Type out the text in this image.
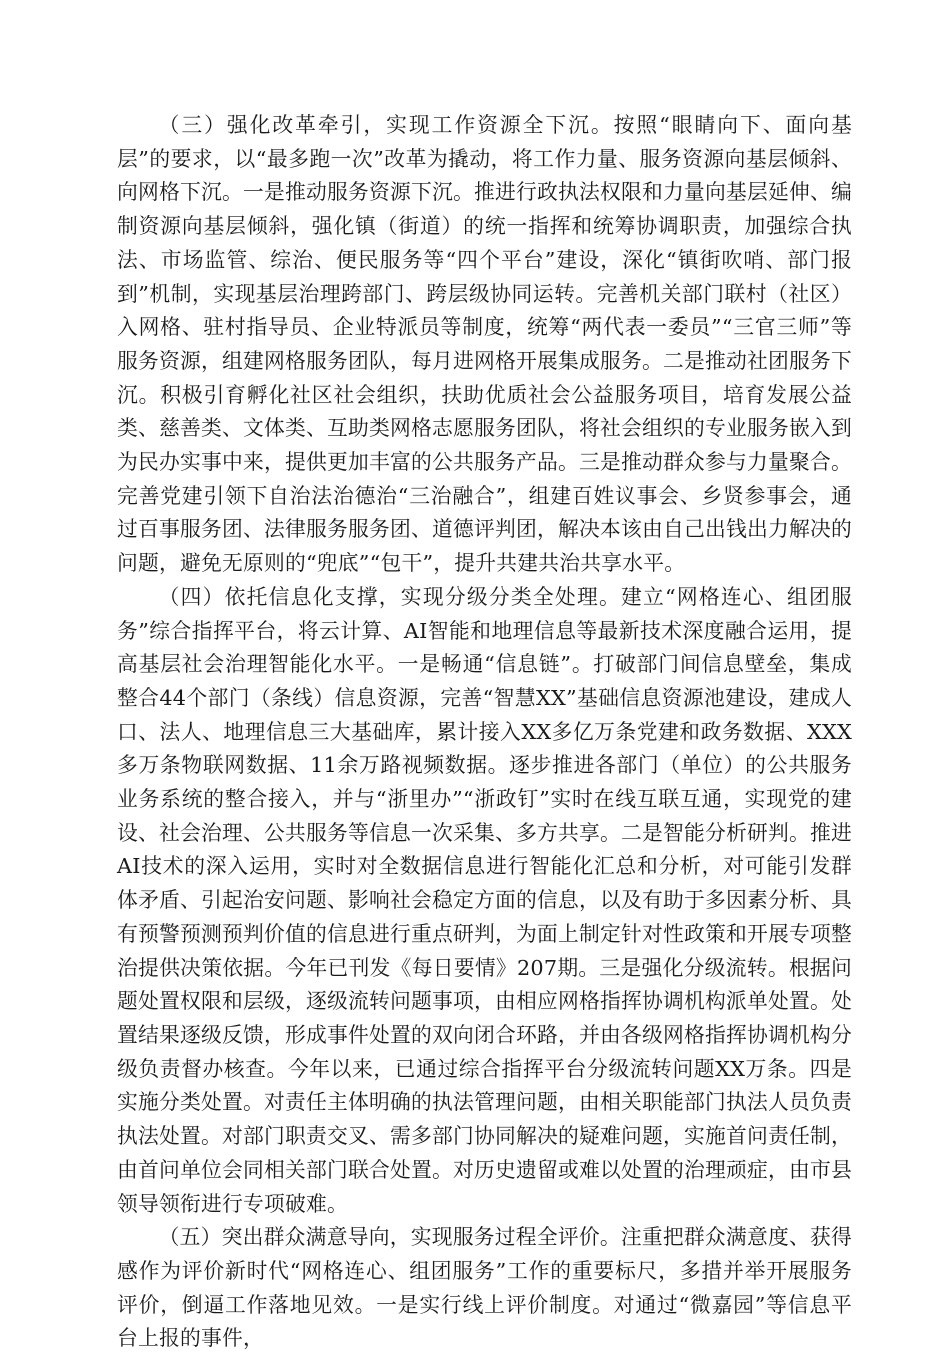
（三）强化改革牵引，实现工作资源全下沉。按照“眼睛向下、面向基层”的要求，以“最多跑一次”改革为撬动，将工作力量、服务资源向基层倾斜、向网格下沉。一是推动服务资源下沉。推进行政执法权限和力量向基层延伸、编制资源向基层倾斜，强化镇（街道）的统一指挥和统筹协调职责，加强综合执法、市场监管、综治、便民服务等“四个平台”建设，深化“镇街吹哨、部门报到”机制，实现基层治理跨部门、跨层级协同运转。完善机关部门联村（社区）入网格、驻村指导员、企业特派员等制度，统筹“两代表一委员”“三官三师”等服务资源，组建网格服务团队，每月进网格开展集成服务。二是推动社团服务下沉。积极引育孵化社区社会组织，扶助优质社会公益服务项目，培育发展公益类、慈善类、文体类、互助类网格志愿服务团队，将社会组织的专业服务嵌入到为民办实事中来，提供更加丰富的公共服务产品。三是推动群众参与力量聚合。完善党建引领下自治法治德治“三治融合”，组建百姓议事会、乡贤参事会，通过百事服务团、法律服务服务团、道德评判团，解决本该由自己出钱出力解决的问题，避免无原则的“兜底”“包干”，提升共建共治共享水平。

（四）依托信息化支撑，实现分级分类全处理。建立“网格连心、组团服务”综合指挥平台，将云计算、AI智能和地理信息等最新技术深度融合运用，提高基层社会治理智能化水平。一是畅通“信息链”。打破部门间信息壁垒，集成整合44个部门（条线）信息资源，完善“智慧XX”基础信息资源池建设，建成人口、法人、地理信息三大基础库，累计接入XX多亿万条党建和政务数据、XXX多万条物联网数据、11余万路视频数据。逐步推进各部门（单位）的公共服务业务系统的整合接入，并与“浙里办”“浙政钉”实时在线互联互通，实现党的建设、社会治理、公共服务等信息一次采集、多方共享。二是智能分析研判。推进AI技术的深入运用，实时对全数据信息进行智能化汇总和分析，对可能引发群体矛盾、引起治安问题、影响社会稳定方面的信息，以及有助于多因素分析、具有预警预测预判价值的信息进行重点研判，为面上制定针对性政策和开展专项整治提供决策依据。今年已刊发《每日要情》207期。三是强化分级流转。根据问题处置权限和层级，逐级流转问题事项，由相应网格指挥协调机构派单处置。处置结果逐级反馈，形成事件处置的双向闭合环路，并由各级网格指挥协调机构分级负责督办核查。今年以来，已通过综合指挥平台分级流转问题XX万条。四是实施分类处置。对责任主体明确的执法管理问题，由相关职能部门执法人员负责执法处置。对部门职责交叉、需多部门协同解决的疑难问题，实施首问责任制，由首问单位会同相关部门联合处置。对历史遗留或难以处置的治理顽症，由市县领导领衔进行专项破难。

（五）突出群众满意导向，实现服务过程全评价。注重把群众满意度、获得感作为评价新时代“网格连心、组团服务”工作的重要标尺，多措并举开展服务评价，倒逼工作落地见效。一是实行线上评价制度。对通过“微嘉园”等信息平台上报的事件，
